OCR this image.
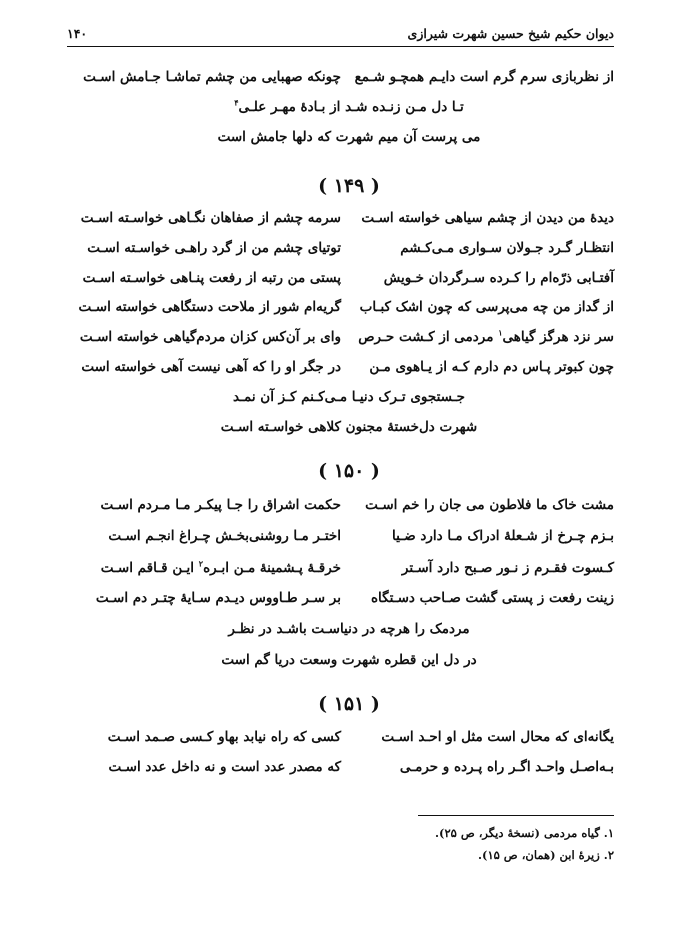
دیوان حکیم شیخ حسین شهرت شیرازی
۱۴۰
از نظربازی سرم گرم است دایـم همچـو شـمع
چونکه صهبایی من چشم تماشـا جـامش اسـت
تـا دل مـن زنـده شـد از بـادهٔ مهـر علـی$^۴$
می پرست آن میم شهرت که دلها جامش است
( ۱۴۹ )
دیدهٔ من دیدن از چشم سیاهی خواسته اسـت
سرمه چشم از صفاهان نگـاهی خواسـته اسـت
انتظـار گـرد جـولان سـواری مـی‌کـشم
توتیای چشم من از گرد راهـی خواسـته اسـت
آفتـابی ذرّه‌ام را کـرده سـرگردان خـویش
پستی من رتبه از رفعت پنـاهی خواسـته اسـت
از گداز من چه می‌پرسی که چون اشک کبـاب
گریه‌ام شور از ملاحت دستگاهی خواسته اسـت
سر نزد هرگز گیاهی$^۱$ مردمی از کـشت حـرص
وای بر آن‌کس کزان مردم‌گیاهی خواسته اسـت
چون کبوتر پـاس دم دارم کـه از یـاهوی مـن
در جگر او را که آهی نیست آهی خواسته است
جـستجوی تـرک دنیـا مـی‌کـنم کـز آن نمـد
شهرت دل‌خستهٔ مجنون کلاهی خواسـته اسـت
( ۱۵۰ )
مشت خاک ما فلاطون می جان را خم اسـت
حکمت اشراق را جـا پیکـر مـا مـردم اسـت
بـزم چـرخ از شـعلهٔ ادراک مـا دارد ضـیا
اختـر مـا روشنی‌بخـش چـراغ انجـم اسـت
کـسوت فقـرم ز نـور صـبح دارد آسـتر
خرقـهٔ پـشمینهٔ مـن ابـره$^۲$ ایـن قـاقم اسـت
زینت رفعت ز پستی گشت صـاحب دسـتگاه
بر سـر طـاووس دیـدم سـایهٔ چتـر دم اسـت
مردمک را هرچه در دنیاسـت باشـد در نظـر
در دل این قطره شهرت وسعت دریا گم است
( ۱۵۱ )
یگانه‌ای که محال است مثل او احـد اسـت
کسی که راه نیابد بهاو کـسی صـمد اسـت
بـه‌اصـل واحـد اگـر راه پـرده و حرمـی
که مصدر عدد است و نه داخل عدد اسـت
۱. گیاه مردمی (نسخهٔ دیگر، ص ۲۵).
۲. زیرهٔ ابن (همان، ص ۱۵).
